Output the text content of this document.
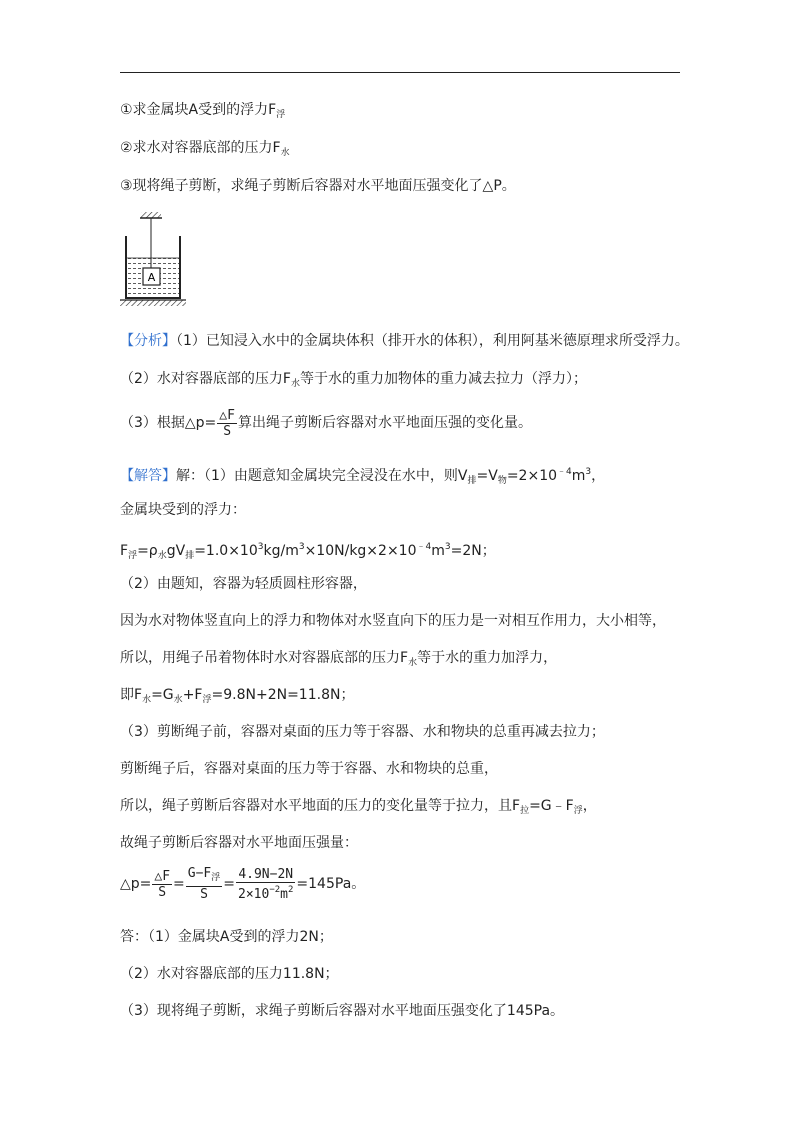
①求金属块A受到的浮力$F_浮$
②求水对容器底部的压力$F_水$
③现将绳子剪断，求绳子剪断后容器对水平地面压强变化了△P。
A
【分析】（1）已知浸入水中的金属块体积（排开水的体积），利用阿基米德原理求所受浮力。
（2）水对容器底部的压力$F_水$等于水的重力加物体的重力减去拉力（浮力）；
（3）根据△p= $\frac{\triangle F}{S}$ 算出绳子剪断后容器对水平地面压强的变化量。
【解答】解：（1）由题意知金属块完全浸没在水中，则$V_排=V_物=2\times 10^{﹣4}m^3$，
金属块受到的浮力：
$F_浮=\rho_水gV_排=1.0\times 10^3kg/m^3\times 10N/kg\times 2\times 10^{﹣4}m^3=2N$；
（2）由题知，容器为轻质圆柱形容器，
因为水对物体竖直向上的浮力和物体对水竖直向下的压力是一对相互作用力，大小相等，
所以，用绳子吊着物体时水对容器底部的压力$F_水$等于水的重力加浮力，
即$F_水=G_水+F_浮=9.8N+2N=11.8N$；
（3）剪断绳子前，容器对桌面的压力等于容器、水和物块的总重再减去拉力；
剪断绳子后，容器对桌面的压力等于容器、水和物块的总重，
所以，绳子剪断后容器对水平地面的压力的变化量等于拉力，且$F_拉=G﹣F_浮$，
故绳子剪断后容器对水平地面压强量：
△p= $\frac{\triangle F}{S} = \frac{G-F_浮}{S} = \frac{4.9N-2N}{2\times 10^{-2}m^2} =145Pa$。
答：（1）金属块A受到的浮力2N；
（2）水对容器底部的压力11.8N；
（3）现将绳子剪断，求绳子剪断后容器对水平地面压强变化了145Pa。
